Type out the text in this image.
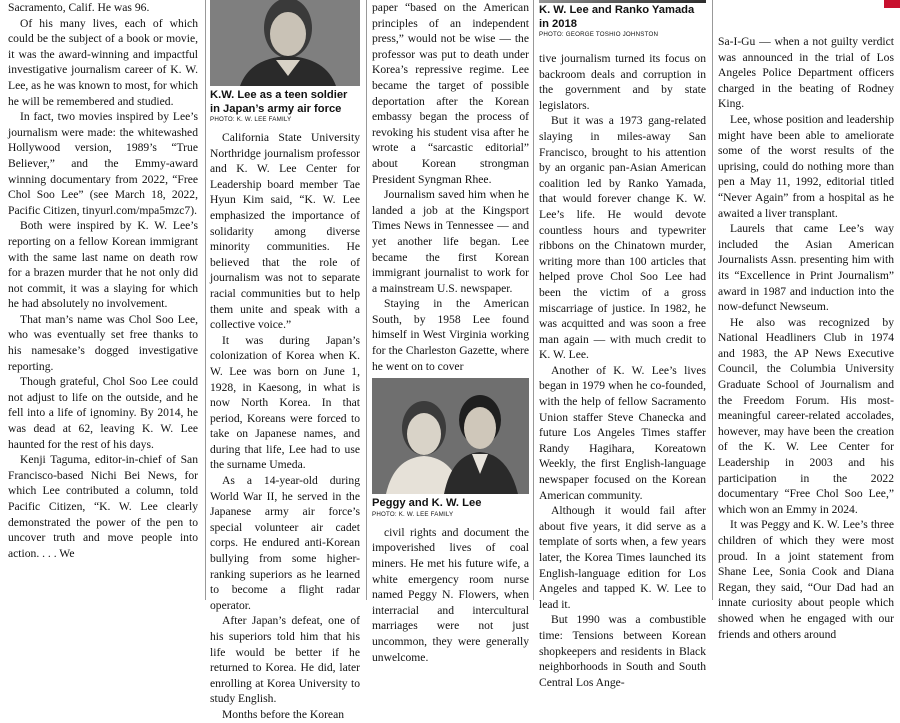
Sacramento, Calif. He was 96.

Of his many lives, each of which could be the subject of a book or movie, it was the award-winning and impactful investigative journalism career of K. W. Lee, as he was known to most, for which he will be remembered and studied.

In fact, two movies inspired by Lee’s journalism were made: the whitewashed Hollywood version, 1989’s “True Believer,” and the Emmy-award winning documentary from 2022, “Free Chol Soo Lee” (see March 18, 2022, Pacific Citizen, tinyurl.com/mpa5mzc7).

Both were inspired by K. W. Lee’s reporting on a fellow Korean immigrant with the same last name on death row for a brazen murder that he not only did not commit, it was a slaying for which he had absolutely no involvement.

That man’s name was Chol Soo Lee, who was eventually set free thanks to his namesake’s dogged investigative reporting.

Though grateful, Chol Soo Lee could not adjust to life on the outside, and he fell into a life of ignominy. By 2014, he was dead at 62, leaving K. W. Lee haunted for the rest of his days.

Kenji Taguma, editor-in-chief of San Francisco-based Nichi Bei News, for which Lee contributed a column, told Pacific Citizen, “K. W. Lee clearly demonstrated the power of the pen to uncover truth and move people into action. . . . We

K.W. Lee as a teen soldier in Japan’s army air force
PHOTO: K. W. LEE FAMILY

California State University Northridge journalism professor and K. W. Lee Center for Leadership board member Tae Hyun Kim said, “K. W. Lee emphasized the importance of solidarity among diverse minority communities. He believed that the role of journalism was not to separate racial communities but to help them unite and speak with a collective voice.”

It was during Japan’s colonization of Korea when K. W. Lee was born on June 1, 1928, in Kaesong, in what is now North Korea. In that period, Koreans were forced to take on Japanese names, and during that life, Lee had to use the surname Umeda.

As a 14-year-old during World War II, he served in the Japanese army air force’s special volunteer air cadet corps. He endured anti-Korean bullying from some higher-ranking superiors as he learned to become a flight radar operator.

After Japan’s defeat, one of his superiors told him that his life would be better if he returned to Korea. He did, later enrolling at Korea University to study English.

Months before the Korean

paper “based on the American principles of an independent press,” would not be wise — the professor was put to death under Korea’s repressive regime. Lee became the target of possible deportation after the Korean embassy began the process of revoking his student visa after he wrote a “sarcastic editorial” about Korean strongman President Syngman Rhee.

Journalism saved him when he landed a job at the Kingsport Times News in Tennessee — and yet another life began. Lee became the first Korean immigrant journalist to work for a mainstream U.S. newspaper.

Staying in the American South, by 1958 Lee found himself in West Virginia working for the Charleston Gazette, where he went on to cover

Peggy and K. W. Lee
PHOTO: K. W. LEE FAMILY

civil rights and document the impoverished lives of coal miners. He met his future wife, a white emergency room nurse named Peggy N. Flowers, when interracial and intercultural marriages were not just uncommon, they were generally unwelcome.

K. W. Lee and Ranko Yamada in 2018
PHOTO: GEORGE TOSHIO JOHNSTON

tive journalism turned its focus on backroom deals and corruption in the government and by state legislators.

But it was a 1973 gang-related slaying in miles-away San Francisco, brought to his attention by an organic pan-Asian American coalition led by Ranko Yamada, that would forever change K. W. Lee’s life. He would devote countless hours and typewriter ribbons on the Chinatown murder, writing more than 100 articles that helped prove Chol Soo Lee had been the victim of a gross miscarriage of justice. In 1982, he was acquitted and was soon a free man again — with much credit to K. W. Lee.

Another of K. W. Lee’s lives began in 1979 when he co-founded, with the help of fellow Sacramento Union staffer Steve Chanecka and future Los Angeles Times staffer Randy Hagihara, Koreatown Weekly, the first English-language newspaper focused on the Korean American community.

Although it would fail after about five years, it did serve as a template of sorts when, a few years later, the Korea Times launched its English-language edition for Los Angeles and tapped K. W. Lee to lead it.

But 1990 was a combustible time: Tensions between Korean shopkeepers and residents in Black neighborhoods in South and South Central Los Ange-

Sa-I-Gu — when a not guilty verdict was announced in the trial of Los Angeles Police Department officers charged in the beating of Rodney King.

Lee, whose position and leadership might have been able to ameliorate some of the worst results of the uprising, could do nothing more than pen a May 11, 1992, editorial titled “Never Again” from a hospital as he awaited a liver transplant.

Laurels that came Lee’s way included the Asian American Journalists Assn. presenting him with its “Excellence in Print Journalism” award in 1987 and induction into the now-defunct Newseum.

He also was recognized by National Headliners Club in 1974 and 1983, the AP News Executive Council, the Columbia University Graduate School of Journalism and the Freedom Forum. His most-meaningful career-related accolades, however, may have been the creation of the K. W. Lee Center for Leadership in 2003 and his participation in the 2022 documentary “Free Chol Soo Lee,” which won an Emmy in 2024.

It was Peggy and K. W. Lee’s three children of which they were most proud. In a joint statement from Shane Lee, Sonia Cook and Diana Regan, they said, “Our Dad had an innate curiosity about people which showed when he engaged with our friends and others around
